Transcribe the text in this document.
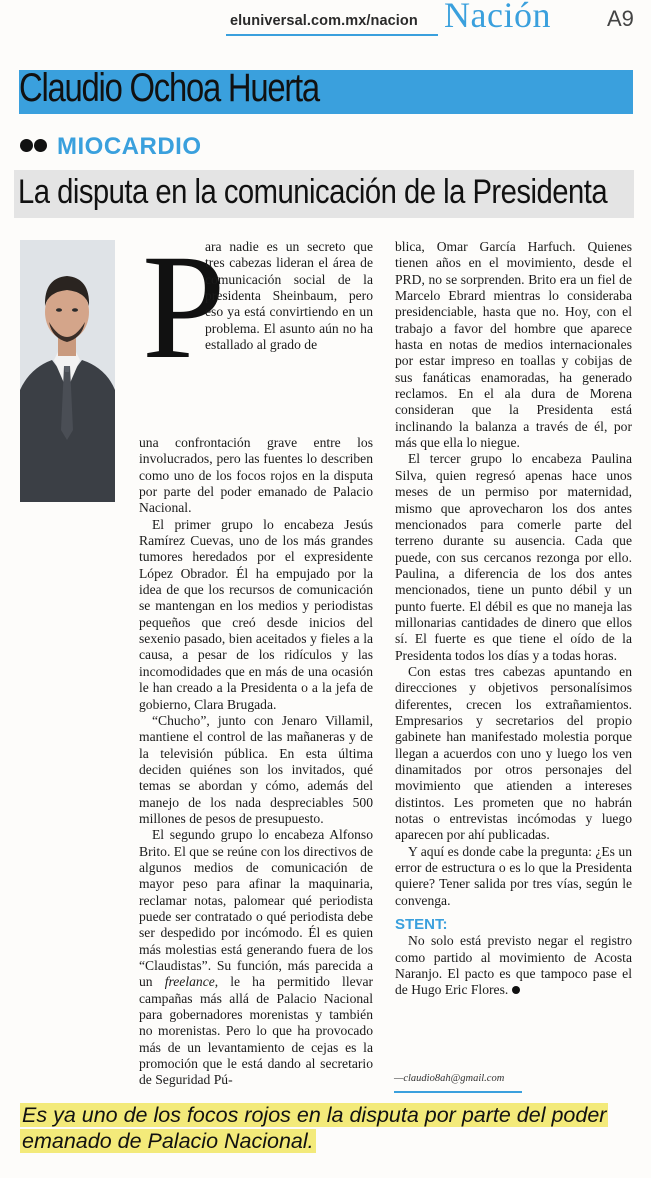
eluniversal.com.mx/nacion Nación	A9
Claudio Ochoa Huerta
MIOCARDIO
La disputa en la comunicación de la Presidenta
P

ara nadie es un secreto que tres cabezas lideran el área de comunicación social de la presidenta Sheinbaum, pero eso ya está convirtiendo en un problema. El asunto aún no ha estallado al grado de

una confrontación grave entre los involucrados, pero las fuentes lo describen como uno de los focos rojos en la disputa por parte del poder emanado de Palacio Nacional.

El primer grupo lo encabeza Jesús Ramírez Cuevas, uno de los más grandes tumores heredados por el expresidente López Obrador. Él ha empujado por la idea de que los recursos de comunicación se mantengan en los medios y periodistas pequeños que creó desde inicios del sexenio pasado, bien aceitados y fieles a la causa, a pesar de los ridículos y las incomodidades que en más de una ocasión le han creado a la Presidenta o a la jefa de gobierno, Clara Brugada.

“Chucho”, junto con Jenaro Villamil, mantiene el control de las mañaneras y de la televisión pública. En esta última deciden quiénes son los invitados, qué temas se abordan y cómo, además del manejo de los nada despreciables 500 millones de pesos de presupuesto.

El segundo grupo lo encabeza Alfonso Brito. El que se reúne con los directivos de algunos medios de comunicación de mayor peso para afinar la maquinaria, reclamar notas, palomear qué periodista puede ser contratado o qué periodista debe ser despedido por incómodo. Él es quien más molestias está generando fuera de los “Claudistas”. Su función, más parecida a un freelance, le ha permitido llevar campañas más allá de Palacio Nacional para gobernadores morenistas y también no morenistas. Pero lo que ha provocado más de un levantamiento de cejas es la promoción que le está dando al secretario de Seguridad Pú-

blica, Omar García Harfuch. Quienes tienen años en el movimiento, desde el PRD, no se sorprenden. Brito era un fiel de Marcelo Ebrard mientras lo consideraba presidenciable, hasta que no. Hoy, con el trabajo a favor del hombre que aparece hasta en notas de medios internacionales por estar impreso en toallas y cobijas de sus fanáticas enamoradas, ha generado reclamos. En el ala dura de Morena consideran que la Presidenta está inclinando la balanza a través de él, por más que ella lo niegue.

El tercer grupo lo encabeza Paulina Silva, quien regresó apenas hace unos meses de un permiso por maternidad, mismo que aprovecharon los dos antes mencionados para comerle parte del terreno durante su ausencia. Cada que puede, con sus cercanos rezonga por ello. Paulina, a diferencia de los dos antes mencionados, tiene un punto débil y un punto fuerte. El débil es que no maneja las millonarias cantidades de dinero que ellos sí. El fuerte es que tiene el oído de la Presidenta todos los días y a todas horas.

Con estas tres cabezas apuntando en direcciones y objetivos personalísimos diferentes, crecen los extrañamientos. Empresarios y secretarios del propio gabinete han manifestado molestia porque llegan a acuerdos con uno y luego los ven dinamitados por otros personajes del movimiento que atienden a intereses distintos. Les prometen que no habrán notas o entrevistas incómodas y luego aparecen por ahí publicadas.

Y aquí es donde cabe la pregunta: ¿Es un error de estructura o es lo que la Presidenta quiere? Tener salida por tres vías, según le convenga.

STENT:

No solo está previsto negar el registro como partido al movimiento de Acosta Naranjo. El pacto es que tampoco pase el de Hugo Eric Flores.

—claudio8ah@gmail.com
Es ya uno de los focos rojos en la disputa por parte del poder emanado de Palacio Nacional.
